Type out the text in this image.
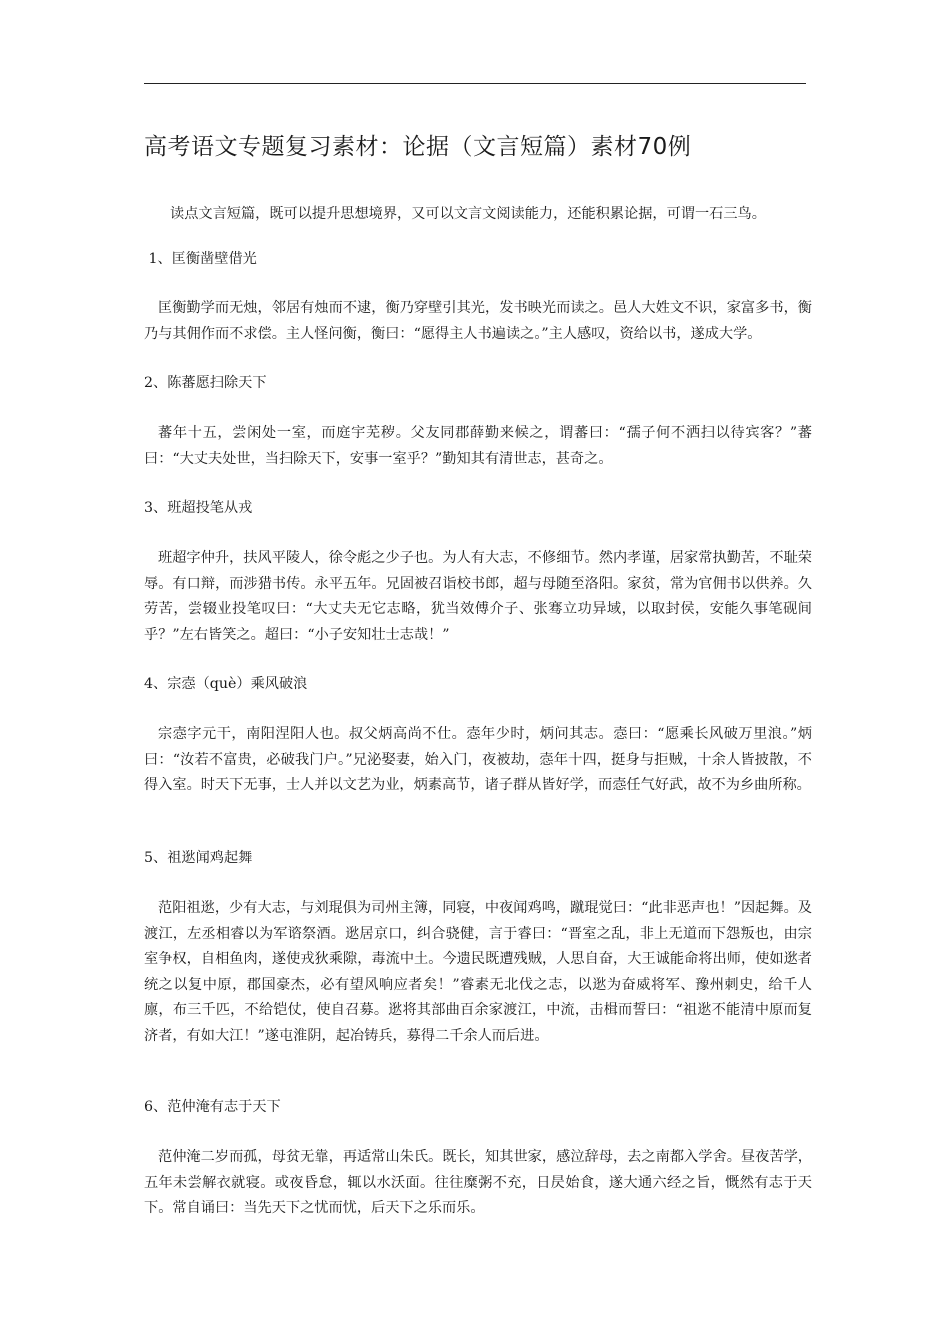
高考语文专题复习素材：论据（文言短篇）素材70例

读点文言短篇，既可以提升思想境界，又可以文言文阅读能力，还能积累论据，可谓一石三鸟。

1、匡衡凿壁借光

匡衡勤学而无烛，邻居有烛而不逮，衡乃穿壁引其光，发书映光而读之。邑人大姓文不识，家富多书，衡乃与其佣作而不求偿。主人怪问衡，衡曰：“愿得主人书遍读之。”主人感叹，资给以书，遂成大学。

2、陈蕃愿扫除天下

蕃年十五，尝闲处一室，而庭宇芜秽。父友同郡薛勤来候之，谓蕃曰：“孺子何不洒扫以待宾客？”蕃曰：“大丈夫处世，当扫除天下，安事一室乎？”勤知其有清世志，甚奇之。

3、班超投笔从戎

班超字仲升，扶风平陵人，徐令彪之少子也。为人有大志，不修细节。然内孝谨，居家常执勤苦，不耻荣辱。有口辩，而涉猎书传。永平五年。兄固被召诣校书郎，超与母随至洛阳。家贫，常为官佣书以供养。久劳苦，尝辍业投笔叹曰：“大丈夫无它志略，犹当效傅介子、张骞立功异域，以取封侯，安能久事笔砚间乎？”左右皆笑之。超曰：“小子安知壮士志哉！”

4、宗悫（què）乘风破浪

宗悫字元干，南阳涅阳人也。叔父炳高尚不仕。悫年少时，炳问其志。悫曰：“愿乘长风破万里浪。”炳曰：“汝若不富贵，必破我门户。”兄泌娶妻，始入门，夜被劫，悫年十四，挺身与拒贼，十余人皆披散，不得入室。时天下无事，士人并以文艺为业，炳素高节，诸子群从皆好学，而悫任气好武，故不为乡曲所称。

5、祖逖闻鸡起舞

范阳祖逖，少有大志，与刘琨俱为司州主簿，同寝，中夜闻鸡鸣，蹴琨觉曰：“此非恶声也！”因起舞。及渡江，左丞相睿以为军谘祭酒。逖居京口，纠合骁健，言于睿曰：“晋室之乱，非上无道而下怨叛也，由宗室争权，自相鱼肉，遂使戎狄乘隙，毒流中土。今遗民既遭残贼，人思自奋，大王诚能命将出师，使如逖者统之以复中原，郡国豪杰，必有望风响应者矣！”睿素无北伐之志，以逖为奋威将军、豫州刺史，给千人廪，布三千匹，不给铠仗，使自召募。逖将其部曲百余家渡江，中流，击楫而誓曰：“祖逖不能清中原而复济者，有如大江！”遂屯淮阴，起冶铸兵，募得二千余人而后进。

6、范仲淹有志于天下

范仲淹二岁而孤，母贫无靠，再适常山朱氏。既长，知其世家，感泣辞母，去之南都入学舍。昼夜苦学，五年未尝解衣就寝。或夜昏怠，辄以水沃面。往往糜粥不充，日昃始食，遂大通六经之旨，慨然有志于天下。常自诵曰：当先天下之忧而忧，后天下之乐而乐。
